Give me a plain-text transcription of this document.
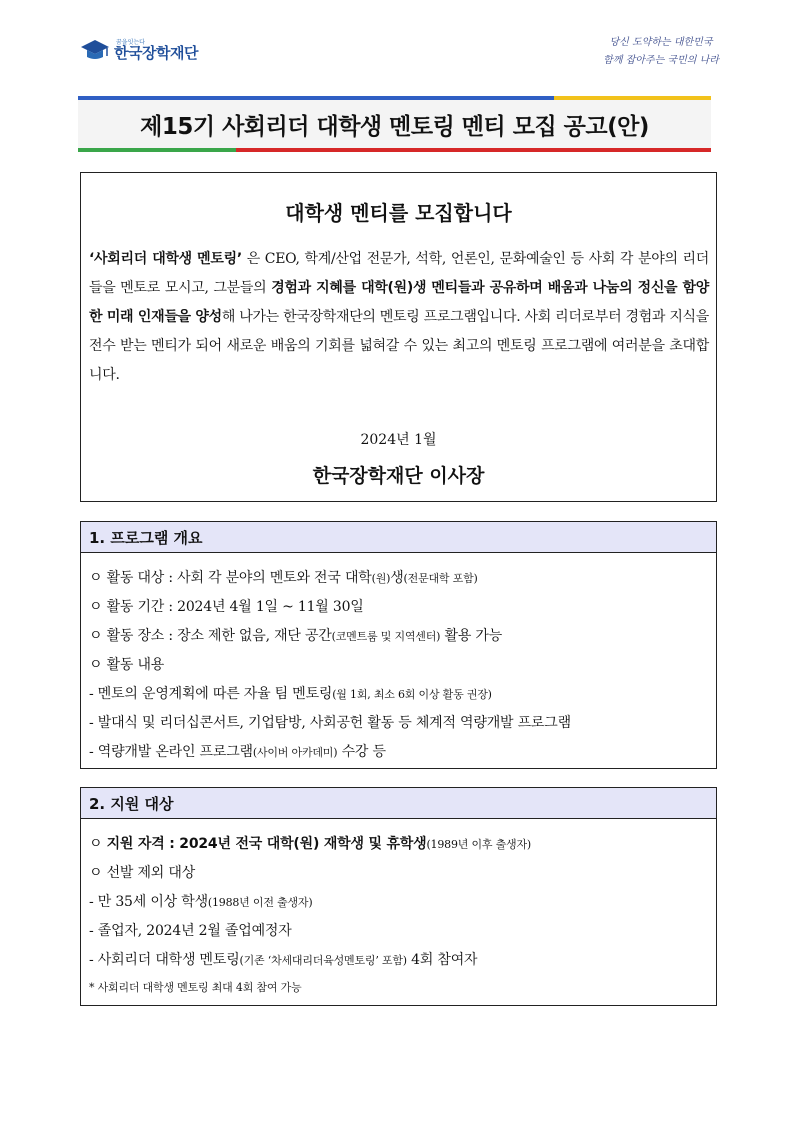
꿈을잇는다
한국장학재단
당신 도약하는 대한민국
함께 잡아주는 국민의 나라
제15기 사회리더 대학생 멘토링 멘티 모집 공고(안)
대학생 멘티를 모집합니다
‘사회리더 대학생 멘토링’ 은 CEO, 학계/산업 전문가, 석학, 언론인, 문화예술인 등 사회 각 분야의 리더들을 멘토로 모시고, 그분들의 경험과 지혜를 대학(원)생 멘티들과 공유하며 배움과 나눔의 정신을 함양한 미래 인재들을 양성해 나가는 한국장학재단의 멘토링 프로그램입니다. 사회 리더로부터 경험과 지식을 전수 받는 멘티가 되어 새로운 배움의 기회를 넓혀갈 수 있는 최고의 멘토링 프로그램에 여러분을 초대합니다.
2024년 1월
한국장학재단 이사장
1. 프로그램 개요
ㅇ 활동 대상 : 사회 각 분야의 멘토와 전국 대학(원)생(전문대학 포함)
ㅇ 활동 기간 : 2024년 4월 1일 ~ 11월 30일
ㅇ 활동 장소 : 장소 제한 없음, 재단 공간(코멘트룸 및 지역센터) 활용 가능
ㅇ 활동 내용
- 멘토의 운영계획에 따른 자율 팀 멘토링(월 1회, 최소 6회 이상 활동 권장)
- 발대식 및 리더십콘서트, 기업탐방, 사회공헌 활동 등 체계적 역량개발 프로그램
- 역량개발 온라인 프로그램(사이버 아카데미) 수강 등
2. 지원 대상
ㅇ 지원 자격 : 2024년 전국 대학(원) 재학생 및 휴학생(1989년 이후 출생자)
ㅇ 선발 제외 대상
- 만 35세 이상 학생(1988년 이전 출생자)
- 졸업자, 2024년 2월 졸업예정자
- 사회리더 대학생 멘토링(기존 ‘차세대리더육성멘토링’ 포함) 4회 참여자
* 사회리더 대학생 멘토링 최대 4회 참여 가능
